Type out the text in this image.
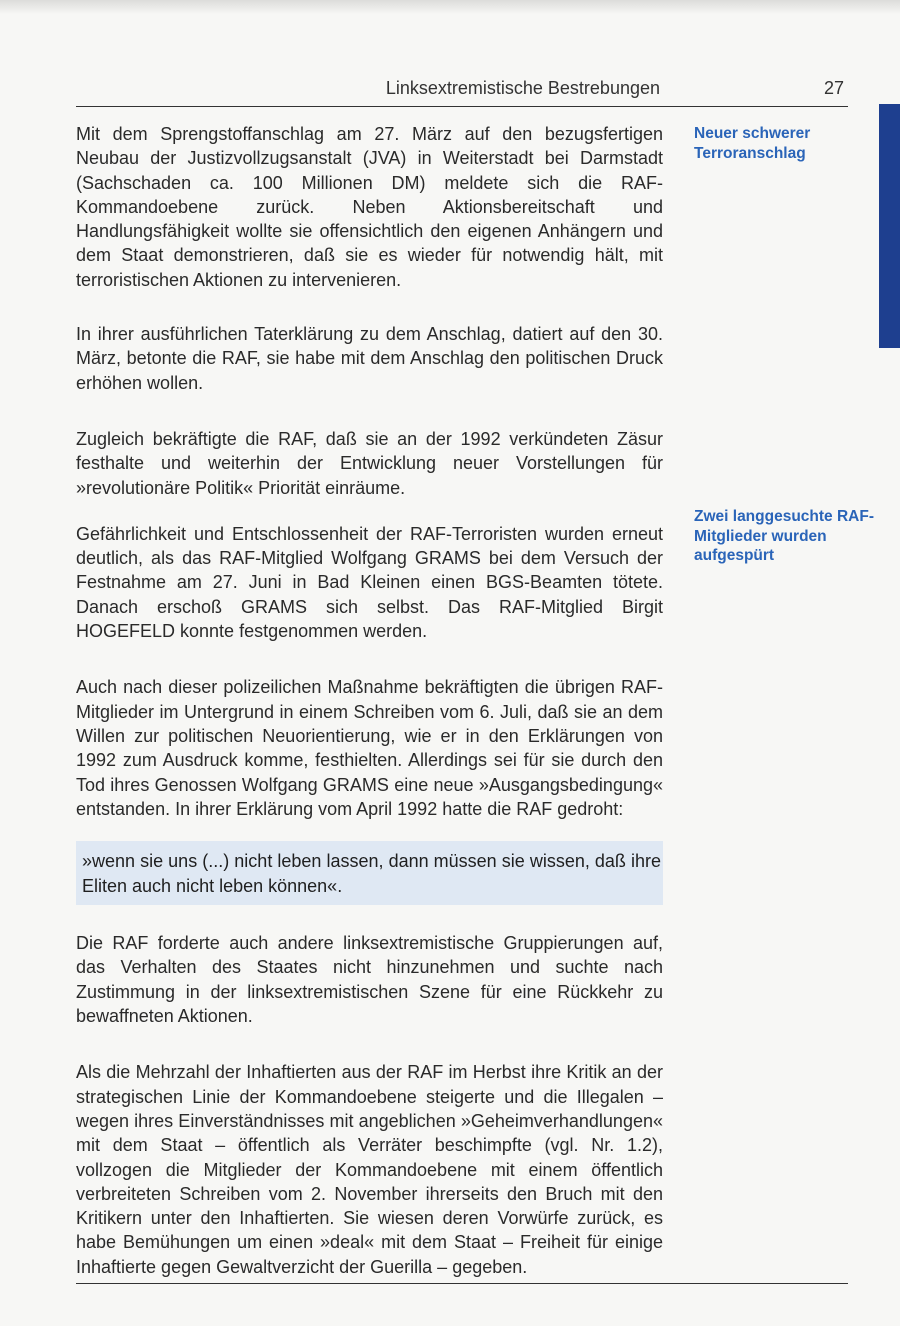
Linksextremistische Bestrebungen	27
Neuer schwerer Terroranschlag
Zwei langgesuchte RAF-Mitglieder wurden aufgespürt

Mit dem Sprengstoffanschlag am 27. März auf den bezugsfertigen Neubau der Justizvollzugsanstalt (JVA) in Weiterstadt bei Darmstadt (Sachschaden ca. 100 Millionen DM) meldete sich die RAF-Kommandoebene zurück. Neben Aktionsbereitschaft und Handlungsfähigkeit wollte sie offensichtlich den eigenen Anhängern und dem Staat demonstrieren, daß sie es wieder für notwendig hält, mit terroristischen Aktionen zu intervenieren.

In ihrer ausführlichen Taterklärung zu dem Anschlag, datiert auf den 30. März, betonte die RAF, sie habe mit dem Anschlag den politischen Druck erhöhen wollen.

Zugleich bekräftigte die RAF, daß sie an der 1992 verkündeten Zäsur festhalte und weiterhin der Entwicklung neuer Vorstellungen für »revolutionäre Politik« Priorität einräume.

Gefährlichkeit und Entschlossenheit der RAF-Terroristen wurden erneut deutlich, als das RAF-Mitglied Wolfgang GRAMS bei dem Versuch der Festnahme am 27. Juni in Bad Kleinen einen BGS-Beamten tötete. Danach erschoß GRAMS sich selbst. Das RAF-Mitglied Birgit HOGEFELD konnte festgenommen werden.

Auch nach dieser polizeilichen Maßnahme bekräftigten die übrigen RAF-Mitglieder im Untergrund in einem Schreiben vom 6. Juli, daß sie an dem Willen zur politischen Neuorientierung, wie er in den Erklärungen von 1992 zum Ausdruck komme, festhielten. Allerdings sei für sie durch den Tod ihres Genossen Wolfgang GRAMS eine neue »Ausgangsbedingung« entstanden. In ihrer Erklärung vom April 1992 hatte die RAF gedroht:

»wenn sie uns (...) nicht leben lassen, dann müssen sie wissen, daß ihre Eliten auch nicht leben können«.

Die RAF forderte auch andere linksextremistische Gruppierungen auf, das Verhalten des Staates nicht hinzunehmen und suchte nach Zustimmung in der linksextremistischen Szene für eine Rückkehr zu bewaffneten Aktionen.

Als die Mehrzahl der Inhaftierten aus der RAF im Herbst ihre Kritik an der strategischen Linie der Kommandoebene steigerte und die Illegalen – wegen ihres Einverständnisses mit angeblichen »Geheimverhandlungen« mit dem Staat – öffentlich als Verräter beschimpfte (vgl. Nr. 1.2), vollzogen die Mitglieder der Kommandoebene mit einem öffentlich verbreiteten Schreiben vom 2. November ihrerseits den Bruch mit den Kritikern unter den Inhaftierten. Sie wiesen deren Vorwürfe zurück, es habe Bemühungen um einen »deal« mit dem Staat – Freiheit für einige Inhaftierte gegen Gewaltverzicht der Guerilla – gegeben.
